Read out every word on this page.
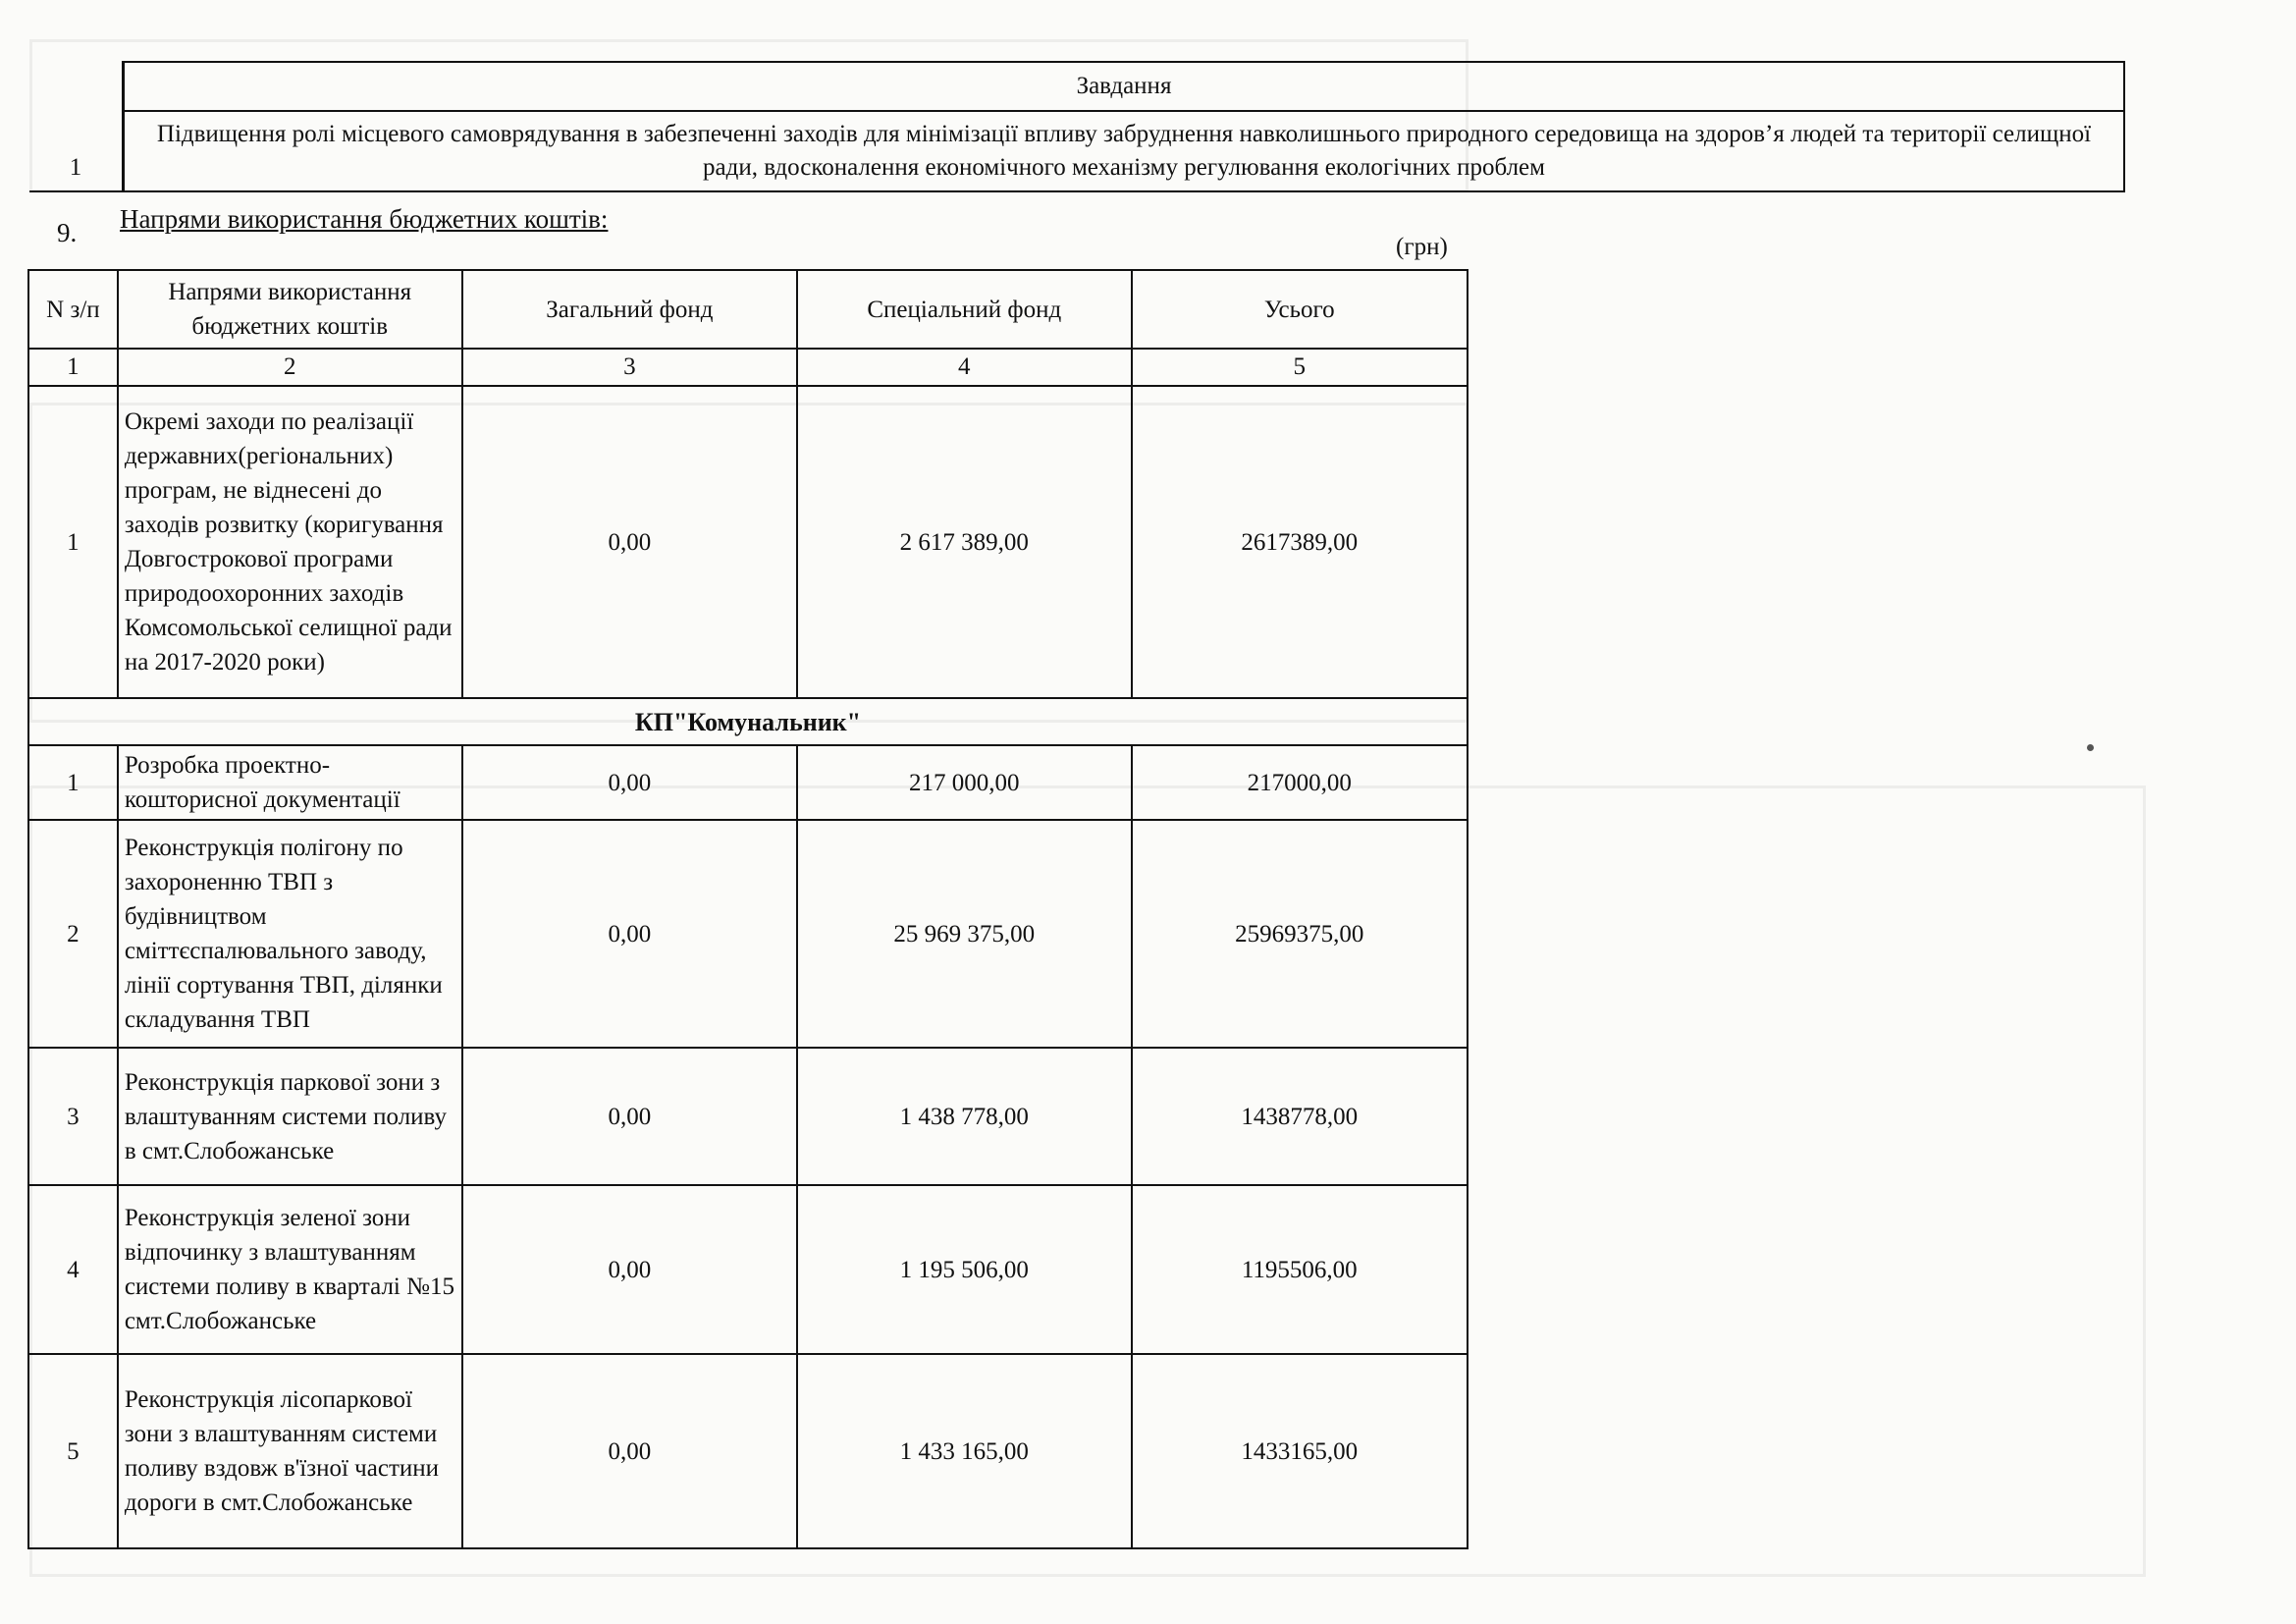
1	Завдання
Підвищення ролі місцевого самоврядування в забезпеченні заходів для мінімізації впливу забруднення навколишнього природного середовища на здоров’я людей та території селищної ради, вдосконалення економічного механізму регулювання екологічних проблем
9. Напрями використання бюджетних коштів:
(грн)
N з/п	Напрями використання бюджетних коштів	Загальний фонд	Спеціальний фонд	Усього
1	2	3	4	5
1	Окремі заходи по реалізації державних(регіональних) програм, не віднесені до заходів розвитку (коригування Довгострокової програми природоохоронних заходів Комсомольської селищної ради на 2017-2020 роки)	0,00	2 617 389,00	2617389,00
КП"Комунальник"				
1	Розробка проектно-кошторисної документації	0,00	217 000,00	217000,00
2	Реконструкція полігону по захороненню ТВП з будівництвом сміттєспалювального заводу, лінії сортування ТВП, ділянки складування ТВП	0,00	25 969 375,00	25969375,00
3	Реконструкція паркової зони з влаштуванням системи поливу в смт.Слобожанське	0,00	1 438 778,00	1438778,00
4	Реконструкція зеленої зони відпочинку з влаштуванням системи поливу в кварталі №15 смт.Слобожанське	0,00	1 195 506,00	1195506,00
5	Реконструкція лісопаркової зони з влаштуванням системи поливу вздовж в'їзної частини дороги в смт.Слобожанське	0,00	1 433 165,00	1433165,00
